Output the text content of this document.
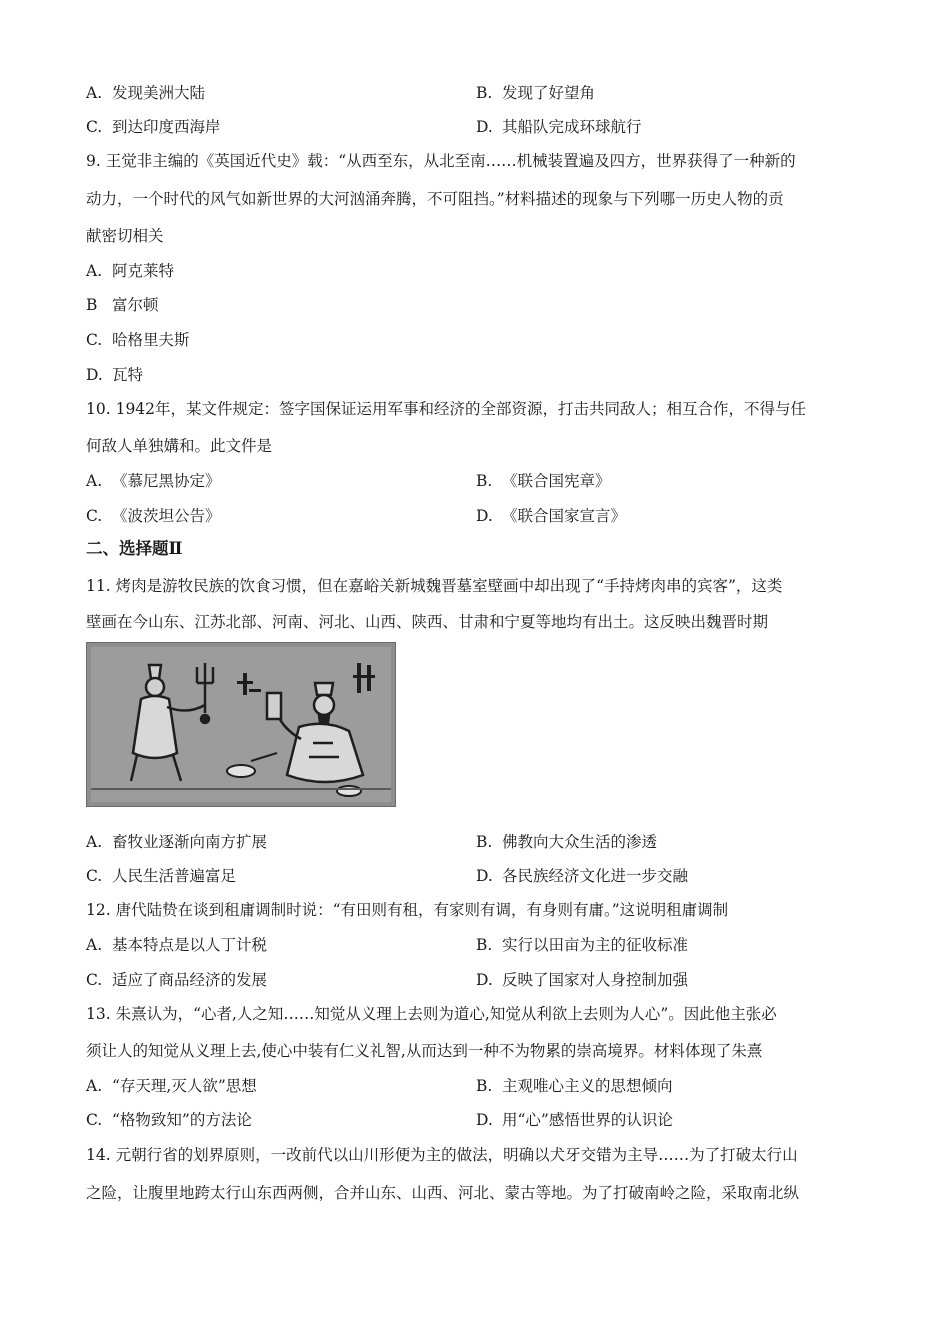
A. 发现美洲大陆	B. 发现了好望角
C. 到达印度西海岸	D. 其船队完成环球航行
9. 王觉非主编的《英国近代史》载：“从西至东，从北至南……机械装置遍及四方，世界获得了一种新的
动力，一个时代的风气如新世界的大河汹涌奔腾，不可阻挡。”材料描述的现象与下列哪一历史人物的贡
献密切相关
A. 阿克莱特
B 富尔顿
C. 哈格里夫斯
D. 瓦特
10. 1942年，某文件规定：签字国保证运用军事和经济的全部资源，打击共同敌人；相互合作，不得与任
何敌人单独媾和。此文件是
A. 《慕尼黑协定》	B. 《联合国宪章》
C. 《波茨坦公告》	D. 《联合国家宣言》
二、选择题Ⅱ
11. 烤肉是游牧民族的饮食习惯，但在嘉峪关新城魏晋墓室壁画中却出现了“手持烤肉串的宾客”，这类
壁画在今山东、江苏北部、河南、河北、山西、陕西、甘肃和宁夏等地均有出土。这反映出魏晋时期
A. 畜牧业逐渐向南方扩展	B. 佛教向大众生活的渗透
C. 人民生活普遍富足	D. 各民族经济文化进一步交融
12. 唐代陆贽在谈到租庸调制时说：“有田则有租，有家则有调，有身则有庸。”这说明租庸调制
A. 基本特点是以人丁计税	B. 实行以田亩为主的征收标准
C. 适应了商品经济的发展	D. 反映了国家对人身控制加强
13. 朱熹认为，“心者,人之知……知觉从义理上去则为道心,知觉从利欲上去则为人心”。因此他主张必
须让人的知觉从义理上去,使心中装有仁义礼智,从而达到一种不为物累的崇高境界。材料体现了朱熹
A. “存天理,灭人欲”思想	B. 主观唯心主义的思想倾向
C. “格物致知”的方法论	D. 用“心”感悟世界的认识论
14. 元朝行省的划界原则，一改前代以山川形便为主的做法，明确以犬牙交错为主导……为了打破太行山
之险，让腹里地跨太行山东西两侧，合并山东、山西、河北、蒙古等地。为了打破南岭之险，采取南北纵
